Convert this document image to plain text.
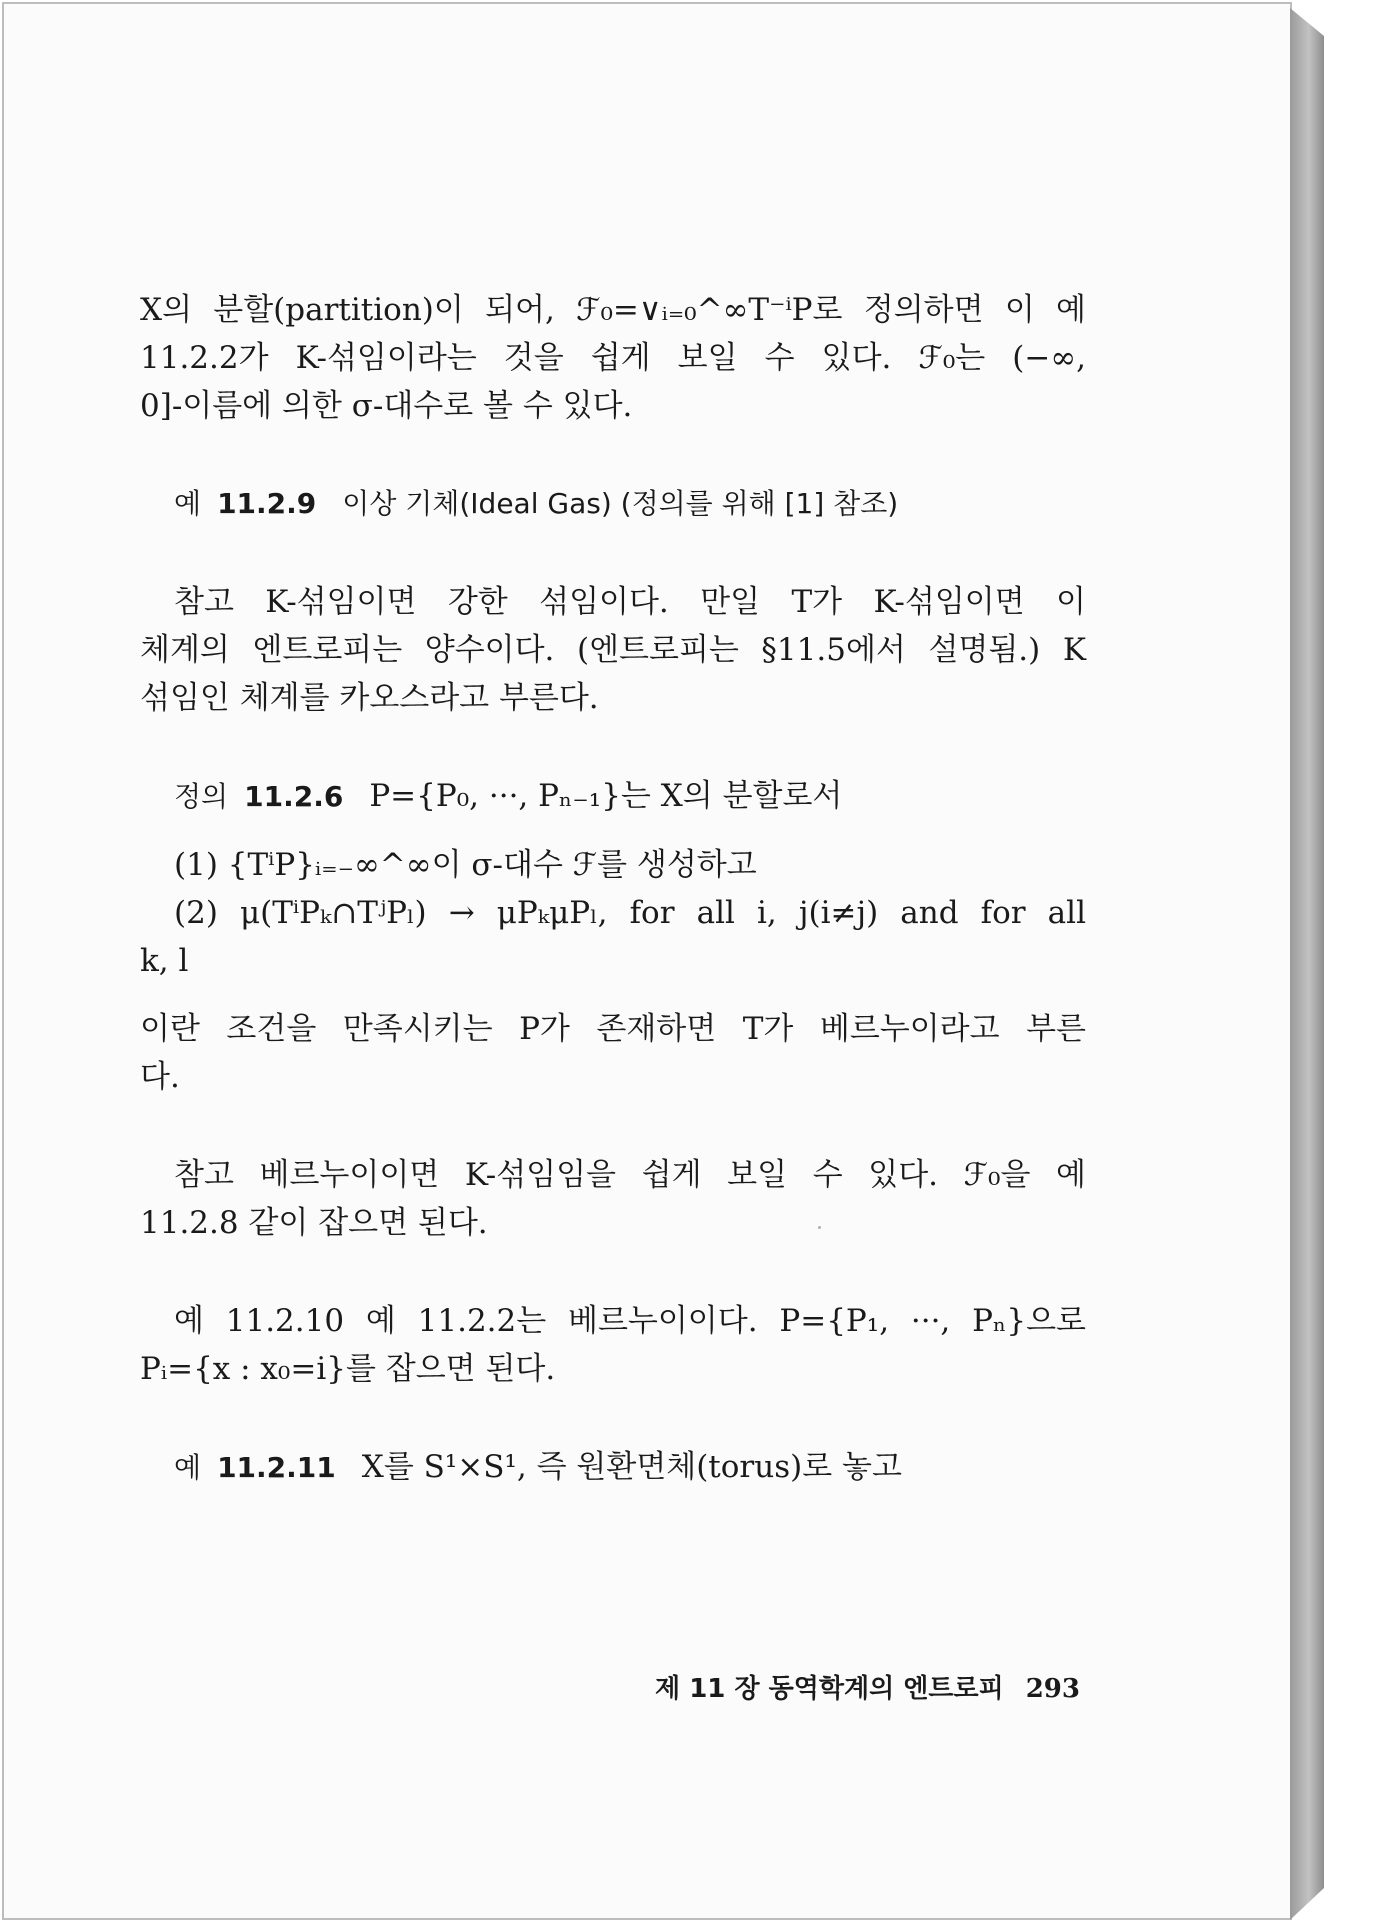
X의 분할(partition)이 되어, ℱ₀=∨ᵢ₌₀^∞T⁻ⁱP로 정의하면 이 예
11.2.2가 K-섞임이라는 것을 쉽게 보일 수 있다. ℱ₀는 (−∞,
0]-이름에 의한 σ-대수로 볼 수 있다.

예 11.2.9 이상 기체(Ideal Gas) (정의를 위해 [1] 참조)

참고 K-섞임이면 강한 섞임이다. 만일 T가 K-섞임이면 이
체계의 엔트로피는 양수이다. (엔트로피는 §11.5에서 설명됨.) K
섞임인 체계를 카오스라고 부른다.

정의 11.2.6 P={P₀, ···, Pₙ₋₁}는 X의 분할로서
(1) {TⁱP}ᵢ₌₋∞^∞이 σ-대수 ℱ를 생성하고

(2) μ(TⁱPₖ∩TʲPₗ) → μPₖμPₗ, for all i, j(i≠j) and for all
k, l

이란 조건을 만족시키는 P가 존재하면 T가 베르누이라고 부른
다.

참고 베르누이이면 K-섞임임을 쉽게 보일 수 있다. ℱ₀을 예
11.2.8 같이 잡으면 된다.

예 11.2.10 예 11.2.2는 베르누이이다. P={P₁, ···, Pₙ}으로
Pᵢ={x : x₀=i}를 잡으면 된다.

예 11.2.11 X를 S¹×S¹, 즉 원환면체(torus)로 놓고
제 11 장 동역학계의 엔트로피 293
